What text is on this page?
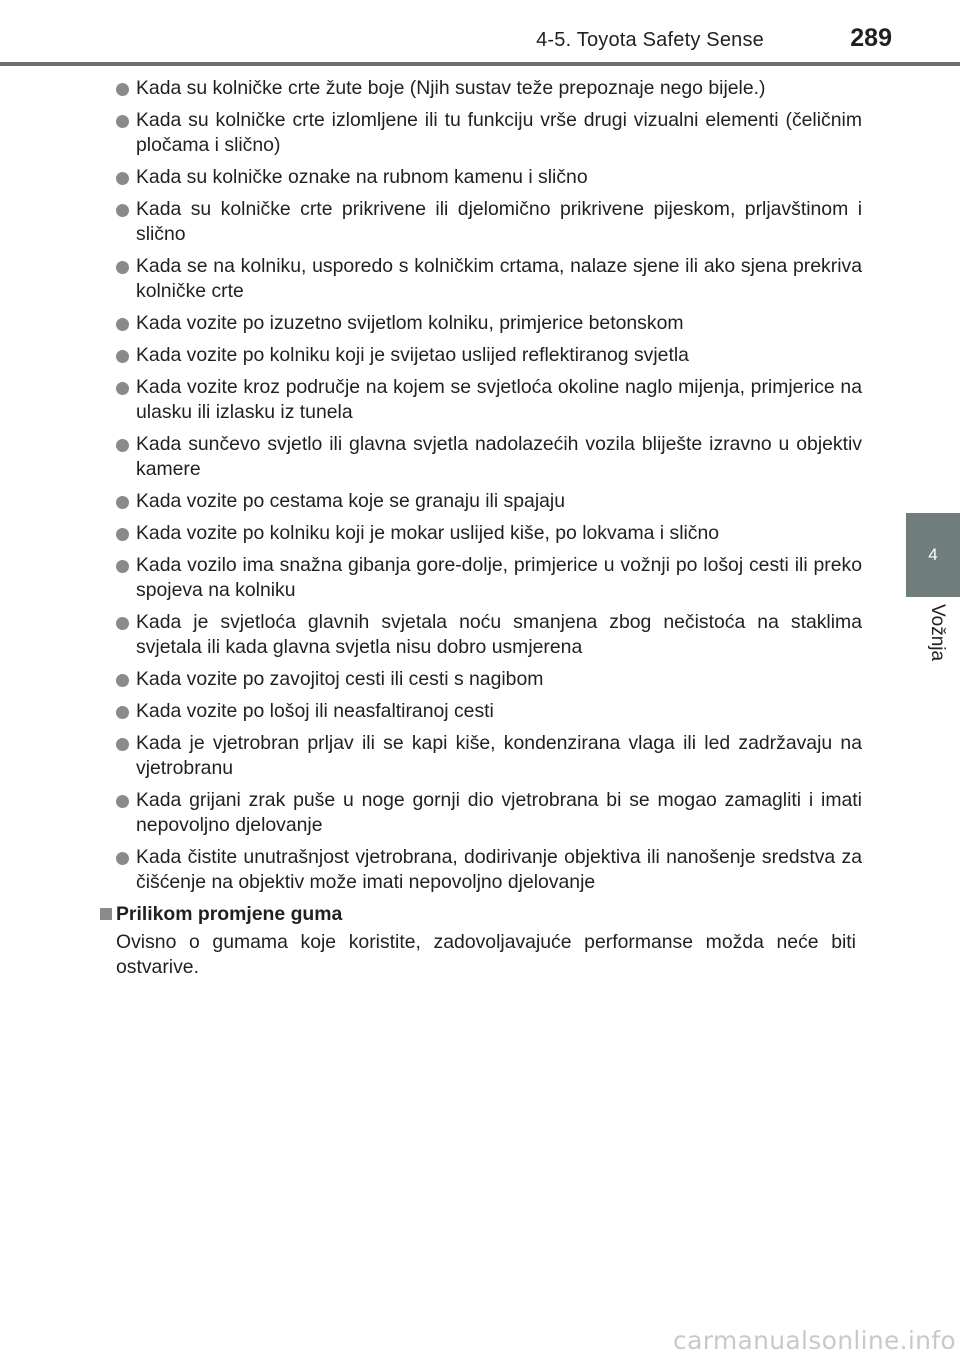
4-5. Toyota Safety Sense	289
4
Vožnja
Kada su kolničke crte žute boje (Njih sustav teže prepoznaje nego bijele.)
Kada su kolničke crte izlomljene ili tu funkciju vrše drugi vizualni elementi (čeličnim pločama i slično)
Kada su kolničke oznake na rubnom kamenu i slično
Kada su kolničke crte prikrivene ili djelomično prikrivene pijeskom, prljavštinom i slično
Kada se na kolniku, usporedo s kolničkim crtama, nalaze sjene ili ako sjena prekriva kolničke crte
Kada vozite po izuzetno svijetlom kolniku, primjerice betonskom
Kada vozite po kolniku koji je svijetao uslijed reflektiranog svjetla
Kada vozite kroz područje na kojem se svjetloća okoline naglo mijenja, primjerice na ulasku ili izlasku iz tunela
Kada sunčevo svjetlo ili glavna svjetla nadolazećih vozila bliješte izravno u objektiv kamere
Kada vozite po cestama koje se granaju ili spajaju
Kada vozite po kolniku koji je mokar uslijed kiše, po lokvama i slično
Kada vozilo ima snažna gibanja gore-dolje, primjerice u vožnji po lošoj cesti ili preko spojeva na kolniku
Kada je svjetloća glavnih svjetala noću smanjena zbog nečistoća na staklima svjetala ili kada glavna svjetla nisu dobro usmjerena
Kada vozite po zavojitoj cesti ili cesti s nagibom
Kada vozite po lošoj ili neasfaltiranoj cesti
Kada je vjetrobran prljav ili se kapi kiše, kondenzirana vlaga ili led zadržavaju na vjetrobranu
Kada grijani zrak puše u noge gornji dio vjetrobrana bi se mogao zamagliti i imati nepovoljno djelovanje
Kada čistite unutrašnjost vjetrobrana, dodirivanje objektiva ili nanošenje sredstva za čišćenje na objektiv može imati nepovoljno djelovanje
Prilikom promjene guma
Ovisno o gumama koje koristite, zadovoljavajuće performanse možda neće biti ostvarive.
carmanualsonline.info
